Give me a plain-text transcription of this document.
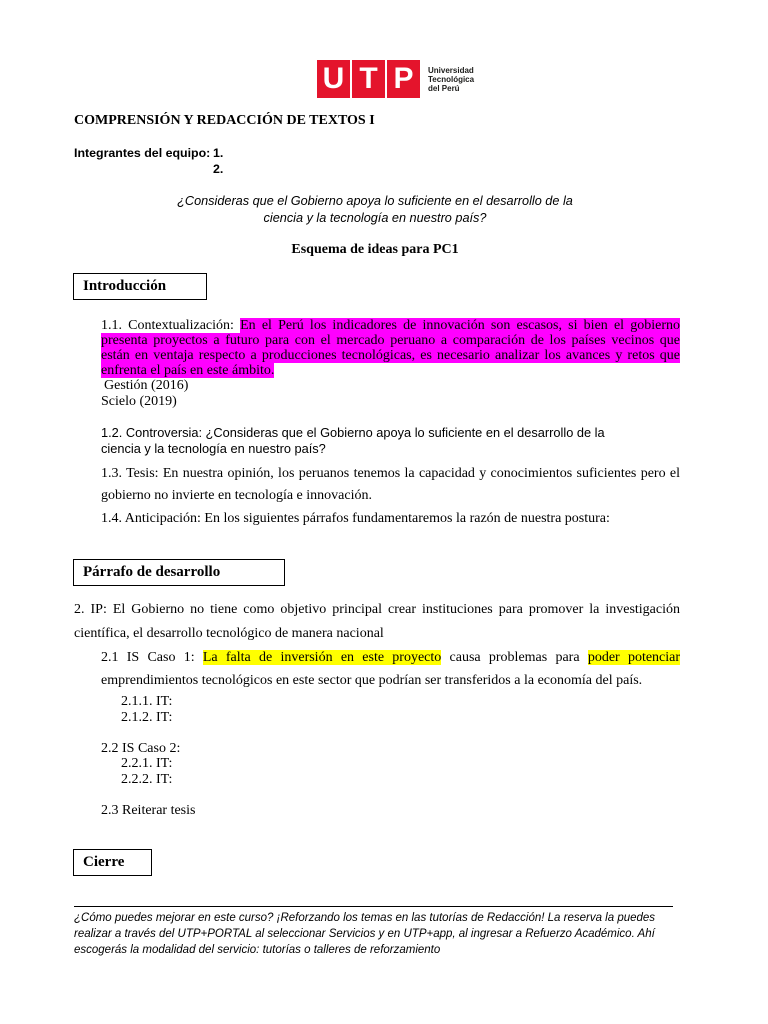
U T P	Universidad
Tecnológica
del Perú
COMPRENSIÓN Y REDACCIÓN DE TEXTOS I
Integrantes del equipo: 1.
2.
¿Consideras que el Gobierno apoya lo suficiente en el desarrollo de la
ciencia y la tecnología en nuestro país?
Esquema de ideas para PC1
Introducción
1.1. Contextualización: En el Perú los indicadores de innovación son escasos, si bien el gobierno
presenta proyectos a futuro para con el mercado peruano a comparación de los países vecinos que
están en ventaja respecto a producciones tecnológicas, es necesario analizar los avances y retos que
enfrenta el país en este ámbito.
Gestión (2016)
Scielo (2019)
1.2. Controversia: ¿Consideras que el Gobierno apoya lo suficiente en el desarrollo de la
ciencia y la tecnología en nuestro país?
1.3. Tesis: En nuestra opinión, los peruanos tenemos la capacidad y conocimientos suficientes pero el
gobierno no invierte en tecnología e innovación.
1.4. Anticipación: En los siguientes párrafos fundamentaremos la razón de nuestra postura:
Párrafo de desarrollo
2. IP: El Gobierno no tiene como objetivo principal crear instituciones para promover la investigación
científica, el desarrollo tecnológico de manera nacional
2.1 IS Caso 1: La falta de inversión en este proyecto causa problemas para poder potenciar
emprendimientos tecnológicos en este sector que podrían ser transferidos a la economía del país.
2.1.1. IT:
2.1.2. IT:
2.2 IS Caso 2:
2.2.1. IT:
2.2.2. IT:
2.3 Reiterar tesis
Cierre
¿Cómo puedes mejorar en este curso? ¡Reforzando los temas en las tutorías de Redacción! La reserva la puedes
realizar a través del UTP+PORTAL al seleccionar Servicios y en UTP+app, al ingresar a Refuerzo Académico. Ahí
escogerás la modalidad del servicio: tutorías o talleres de reforzamiento
